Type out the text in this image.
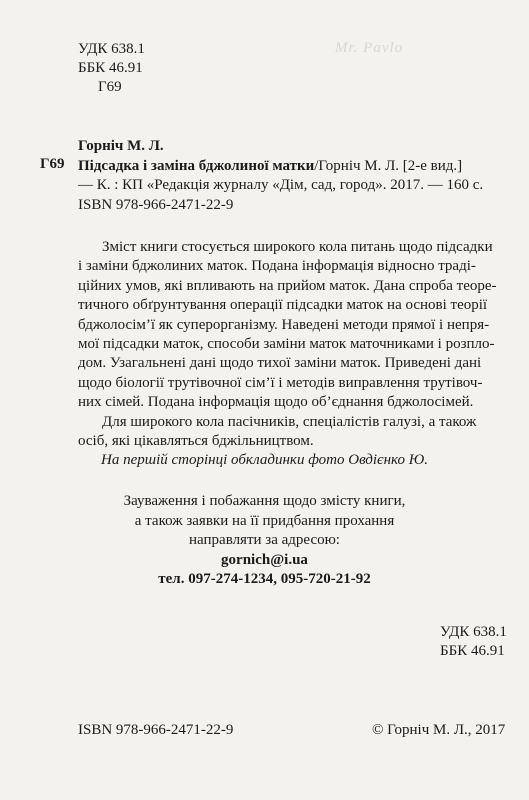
УДК 638.1
ББК 46.91
Г69
Mr. Pavlo
Г69
Горніч М. Л.
Підсадка і заміна бджолиної матки/Горніч М. Л. [2-е вид.]
— К. : КП «Редакція журналу «Дім, сад, город». 2017. — 160 с.
ISBN 978-966-2471-22-9
Зміст книги стосується широкого кола питань щодо підсадки
і заміни бджолиних маток. Подана інформація відносно траді-
ційних умов, які впливають на прийом маток. Дана спроба теоре-
тичного обґрунтування операції підсадки маток на основі теорії
бджолосім’ї як суперорганізму. Наведені методи прямої і непря-
мої підсадки маток, способи заміни маток маточниками і розпло-
дом. Узагальнені дані щодо тихої заміни маток. Приведені дані
щодо біології трутівочної сім’ї і методів виправлення трутівоч-
них сімей. Подана інформація щодо об’єднання бджолосімей.
Для широкого кола пасічників, спеціалістів галузі, а також
осіб, які цікавляться бджільництвом.
На першій сторінці обкладинки фото Овдієнко Ю.
Зауваження і побажання щодо змісту книги,
а також заявки на її придбання прохання
направляти за адресою:
gornich@i.ua
тел. 097-274-1234, 095-720-21-92
УДК 638.1
ББК 46.91
ISBN 978-966-2471-22-9	© Горніч М. Л., 2017
